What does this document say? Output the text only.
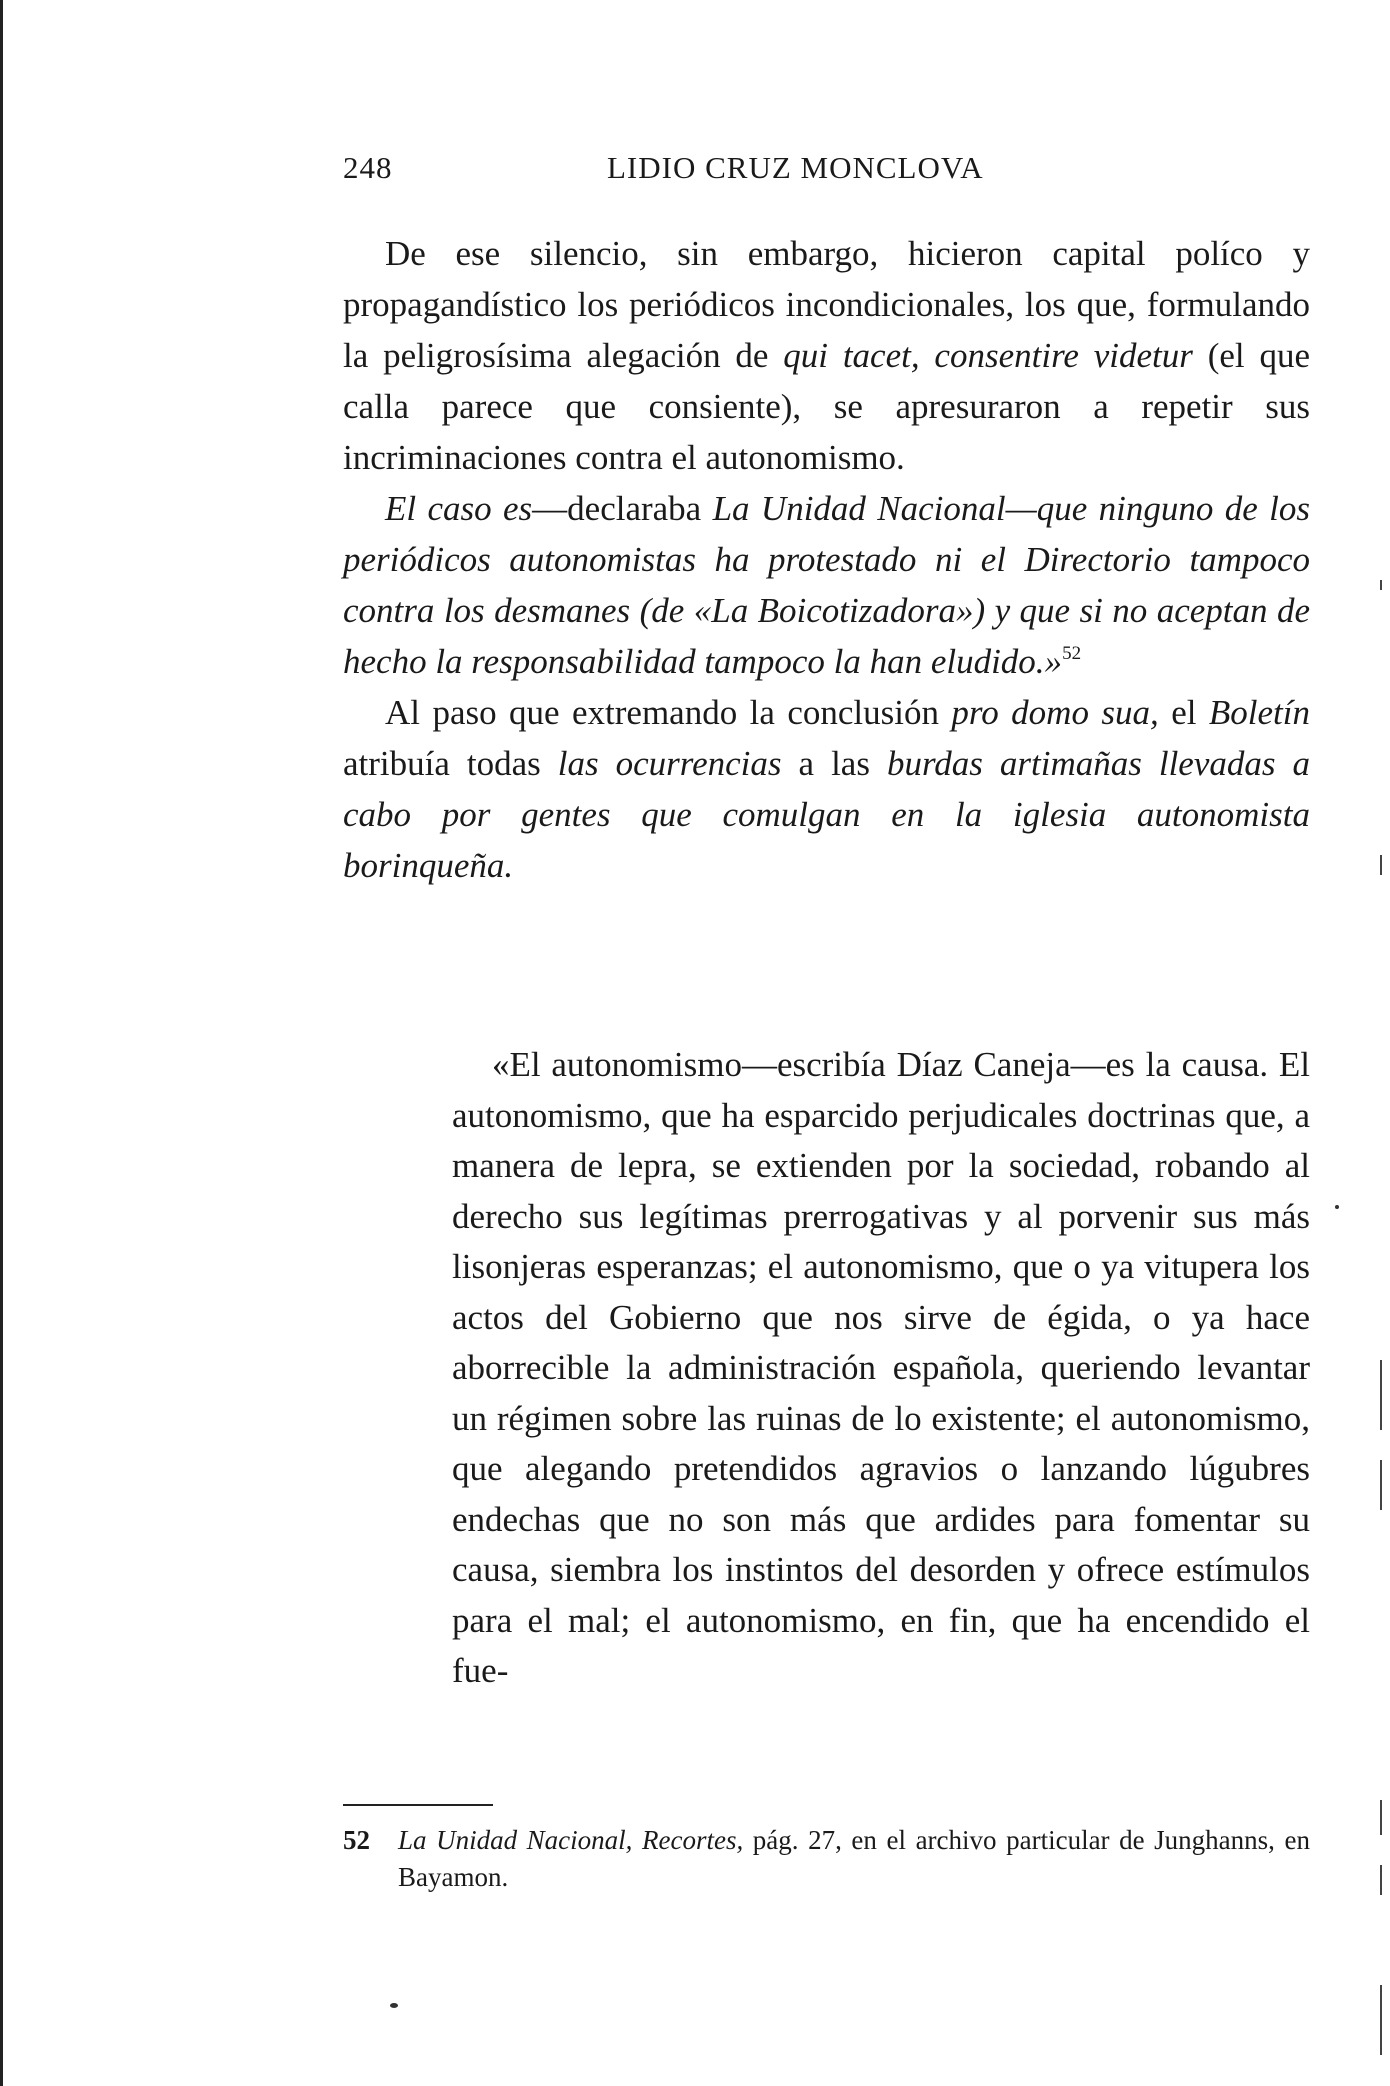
248	LIDIO CRUZ MONCLOVA

De ese silencio, sin embargo, hicieron capital políco y propagandístico los periódicos incondicionales, los que, formulando la peligrosísima alegación de qui tacet, consentire videtur (el que calla parece que consiente), se apresuraron a repetir sus incriminaciones contra el autonomismo.

El caso es—declaraba La Unidad Nacional—que ninguno de los periódicos autonomistas ha protestado ni el Directorio tampoco contra los desmanes (de «La Boicotizadora») y que si no aceptan de hecho la responsabilidad tampoco la han eludido.»$^{52}$

Al paso que extremando la conclusión pro domo sua, el Boletín atribuía todas las ocurrencias a las burdas artimañas llevadas a cabo por gentes que comulgan en la iglesia autonomista borinqueña.

«El autonomismo—escribía Díaz Caneja—es la causa. El autonomismo, que ha esparcido perjudicales doctrinas que, a manera de lepra, se extienden por la sociedad, robando al derecho sus legítimas prerrogativas y al porvenir sus más lisonjeras esperanzas; el autonomismo, que o ya vitupera los actos del Gobierno que nos sirve de égida, o ya hace aborrecible la administración española, queriendo levantar un régimen sobre las ruinas de lo existente; el autonomismo, que alegando pretendidos agravios o lanzando lúgubres endechas que no son más que ardides para fomentar su causa, siembra los instintos del desorden y ofrece estímulos para el mal; el autonomismo, en fin, que ha encendido el fue-

52 La Unidad Nacional, Recortes, pág. 27, en el archivo particular de Junghanns, en Bayamon.
